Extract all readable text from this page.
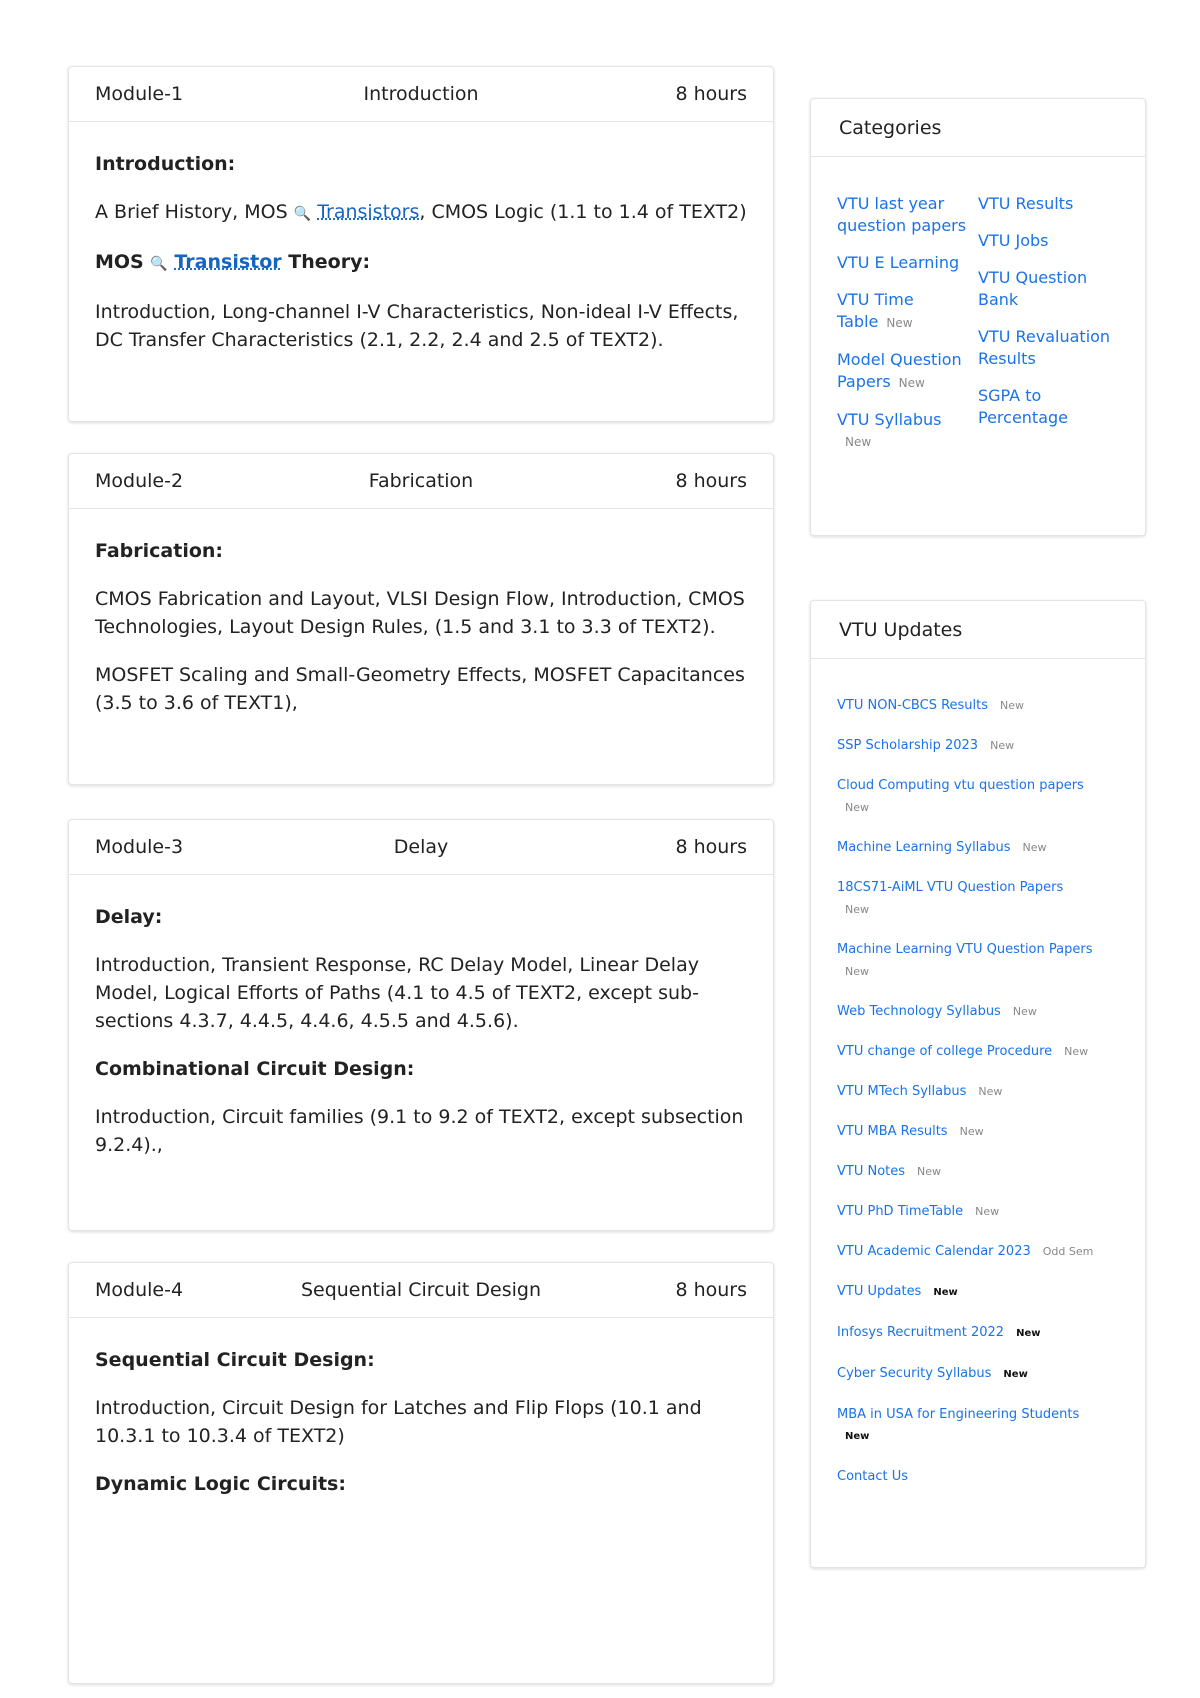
Module-1	Introduction	8 hours

Introduction:

A Brief History, MOS 🔍 Transistors, CMOS Logic (1.1 to 1.4 of TEXT2)

MOS 🔍 Transistor Theory:

Introduction, Long-channel I-V Characteristics, Non-ideal I-V Effects, DC Transfer Characteristics (2.1, 2.2, 2.4 and 2.5 of TEXT2).

Module-2	Fabrication	8 hours

Fabrication:

CMOS Fabrication and Layout, VLSI Design Flow, Introduction, CMOS Technologies, Layout Design Rules, (1.5 and 3.1 to 3.3 of TEXT2).

MOSFET Scaling and Small-Geometry Effects, MOSFET Capacitances (3.5 to 3.6 of TEXT1),

Module-3	Delay	8 hours

Delay:

Introduction, Transient Response, RC Delay Model, Linear Delay Model, Logical Efforts of Paths (4.1 to 4.5 of TEXT2, except sub-sections 4.3.7, 4.4.5, 4.4.6, 4.5.5 and 4.5.6).

Combinational Circuit Design:

Introduction, Circuit families (9.1 to 9.2 of TEXT2, except subsection 9.2.4).,

Module-4	Sequential Circuit Design	8 hours

Sequential Circuit Design:

Introduction, Circuit Design for Latches and Flip Flops (10.1 and 10.3.1 to 10.3.4 of TEXT2)

Dynamic Logic Circuits:

Categories
VTU last year question papers
VTU E Learning
VTU Time Table New
Model Question Papers New
VTU Syllabus
New
VTU Results
VTU Jobs
VTU Question Bank
VTU Revaluation Results
SGPA to Percentage
VTU Updates
VTU NON-CBCS Results New
SSP Scholarship 2023 New
Cloud Computing vtu question papers
New
Machine Learning Syllabus New
18CS71-AiML VTU Question Papers
New
Machine Learning VTU Question Papers
New
Web Technology Syllabus New
VTU change of college Procedure New
VTU MTech Syllabus New
VTU MBA Results New
VTU Notes New
VTU PhD TimeTable New
VTU Academic Calendar 2023 Odd Sem
VTU Updates New
Infosys Recruitment 2022 New
Cyber Security Syllabus New
MBA in USA for Engineering Students
New
Contact Us
